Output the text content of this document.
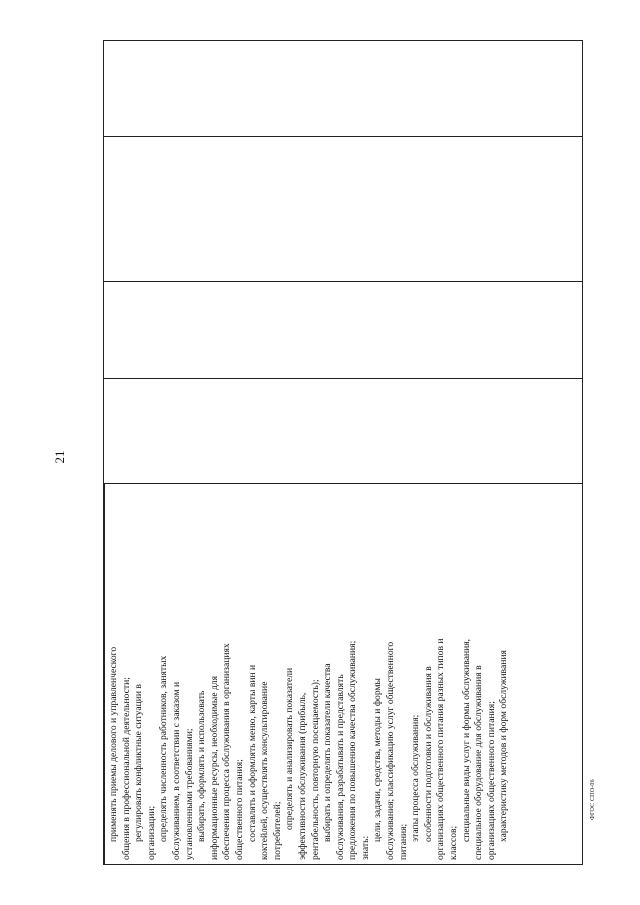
21
применять приемы делового и управленческого общения в профессиональной деятельности; регулировать конфликтные ситуации в организации; определять численность работников, занятых обслуживанием, в соответствии с заказом и установленными требованиями; выбирать, оформлять и использовать информационные ресурсы, необходимые для обеспечения процесса обслуживания в организациях общественного питания; составлять и оформлять меню, карты вин и коктейлей, осуществлять консультирование потребителей;
определять и анализировать показатели эффективности обслуживания (прибыль, рентабельность, повторную посещаемость); выбирать и определять показатели качества обслуживания, разрабатывать и представлять предложения по повышению качества обслуживания; знать:
цели, задачи, средства, методы и формы обслуживания; классификацию услуг общественного питания; этапы процесса обслуживания; особенности подготовки и обслуживания в организациях общественного питания разных типов и классов;
специальные виды услуг и формы обслуживания, специальное оборудование для обслуживания в организациях общественного питания; характеристику методов и форм обслуживания	ФГОС СПО-06
